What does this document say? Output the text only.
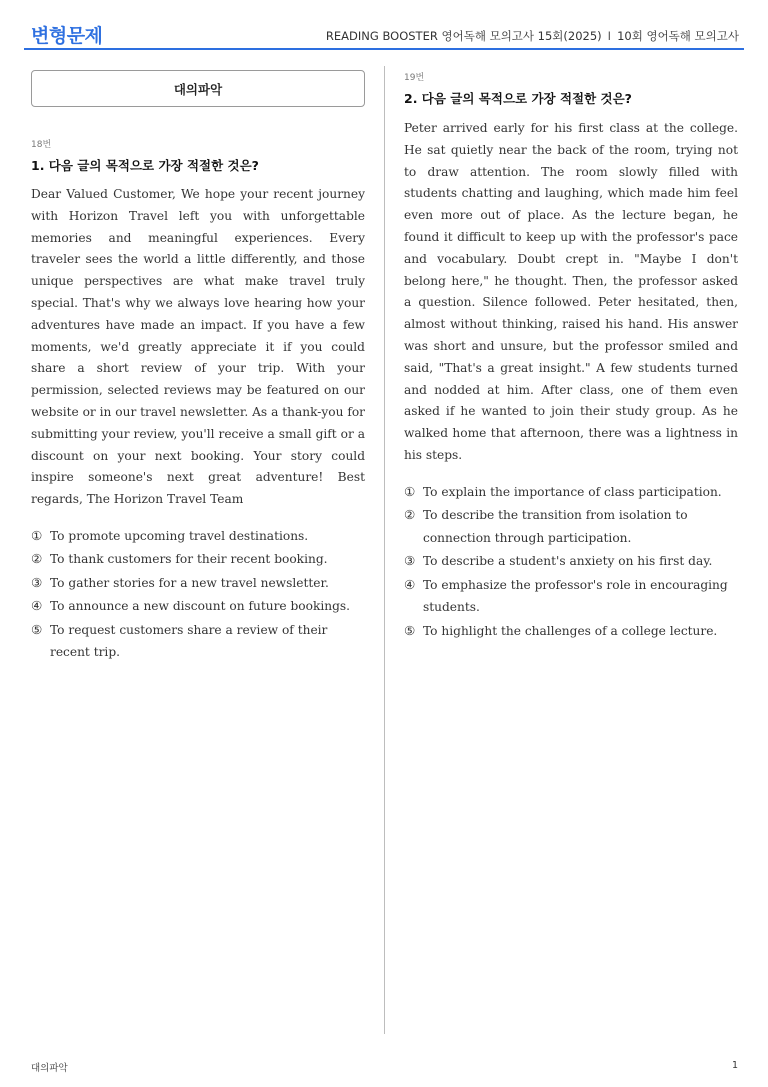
변형문제	READING BOOSTER 영어독해 모의고사 15회(2025) I 10회 영어독해 모의고사
대의파악
18번
1. 다음 글의 목적으로 가장 적절한 것은?
Dear Valued Customer, We hope your recent journey with Horizon Travel left you with unforgettable memories and meaningful experiences. Every traveler sees the world a little differently, and those unique perspectives are what make travel truly special. That's why we always love hearing how your adventures have made an impact. If you have a few moments, we'd greatly appreciate it if you could share a short review of your trip. With your permission, selected reviews may be featured on our website or in our travel newsletter. As a thank-you for submitting your review, you'll receive a small gift or a discount on your next booking. Your story could inspire someone's next great adventure! Best regards, The Horizon Travel Team
① To promote upcoming travel destinations.
② To thank customers for their recent booking.
③ To gather stories for a new travel newsletter.
④ To announce a new discount on future bookings.
⑤ To request customers share a review of their recent trip.
19번
2. 다음 글의 목적으로 가장 적절한 것은?
Peter arrived early for his first class at the college. He sat quietly near the back of the room, trying not to draw attention. The room slowly filled with students chatting and laughing, which made him feel even more out of place. As the lecture began, he found it difficult to keep up with the professor's pace and vocabulary. Doubt crept in. "Maybe I don't belong here," he thought. Then, the professor asked a question. Silence followed. Peter hesitated, then, almost without thinking, raised his hand. His answer was short and unsure, but the professor smiled and said, "That's a great insight." A few students turned and nodded at him. After class, one of them even asked if he wanted to join their study group. As he walked home that afternoon, there was a lightness in his steps.
① To explain the importance of class participation.
② To describe the transition from isolation to connection through participation.
③ To describe a student's anxiety on his first day.
④ To emphasize the professor's role in encouraging students.
⑤ To highlight the challenges of a college lecture.
대의파악	1
